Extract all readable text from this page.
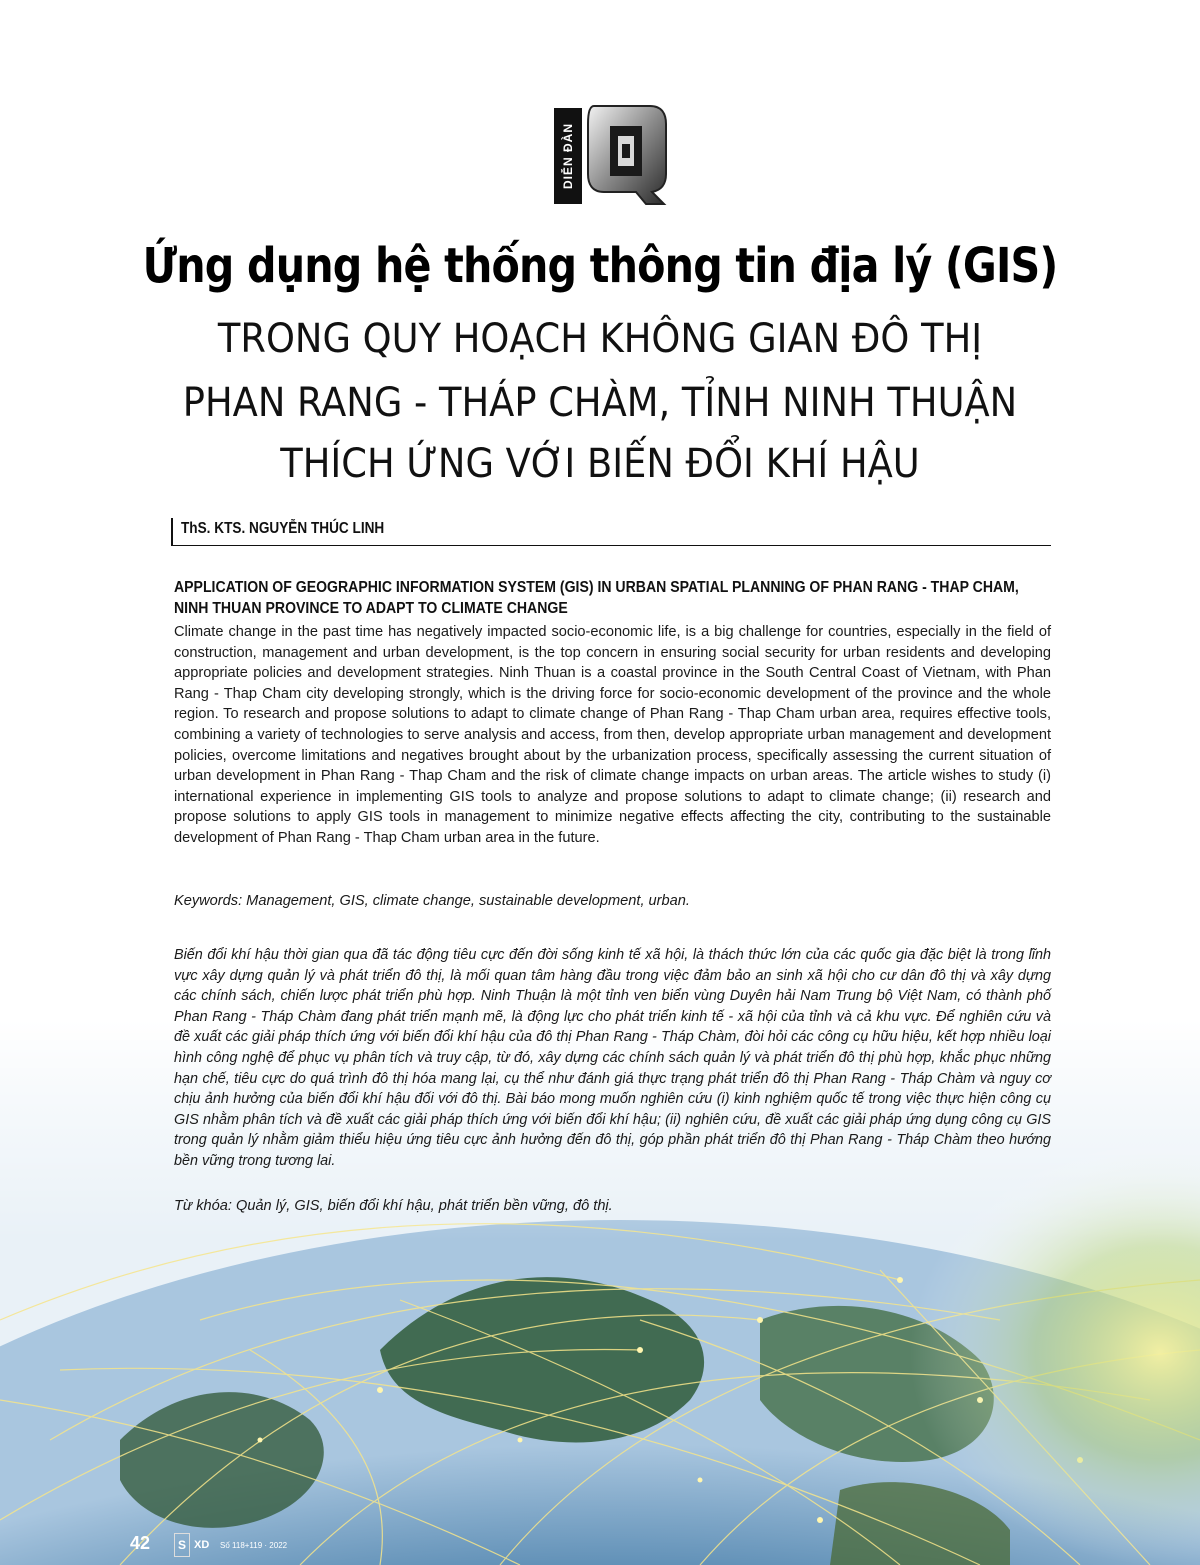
DIỄN ĐÀN
Ứng dụng hệ thống thông tin địa lý (GIS)
TRONG QUY HOẠCH KHÔNG GIAN ĐÔ THỊ
PHAN RANG - THÁP CHÀM, TỈNH NINH THUẬN
THÍCH ỨNG VỚI BIẾN ĐỔI KHÍ HẬU
ThS. KTS. NGUYỄN THÚC LINH
APPLICATION OF GEOGRAPHIC INFORMATION SYSTEM (GIS) IN URBAN SPATIAL PLANNING OF PHAN RANG - THAP CHAM,
NINH THUAN PROVINCE TO ADAPT TO CLIMATE CHANGE
Climate change in the past time has negatively impacted socio-economic life, is a big challenge for countries, especially in the field of construction, management and urban development, is the top concern in ensuring social security for urban residents and developing appropriate policies and development strategies. Ninh Thuan is a coastal province in the South Central Coast of Vietnam, with Phan Rang - Thap Cham city developing strongly, which is the driving force for socio-economic development of the province and the whole region. To research and propose solutions to adapt to climate change of Phan Rang - Thap Cham urban area, requires effective tools, combining a variety of technologies to serve analysis and access, from then, develop appropriate urban management and development policies, overcome limitations and negatives brought about by the urbanization process, specifically assessing the current situation of urban development in Phan Rang - Thap Cham and the risk of climate change impacts on urban areas. The article wishes to study (i) international experience in implementing GIS tools to analyze and propose solutions to adapt to climate change; (ii) research and propose solutions to apply GIS tools in management to minimize negative effects affecting the city, contributing to the sustainable development of Phan Rang - Thap Cham urban area in the future.
Keywords: Management, GIS, climate change, sustainable development, urban.
Biến đổi khí hậu thời gian qua đã tác động tiêu cực đến đời sống kinh tế xã hội, là thách thức lớn của các quốc gia đặc biệt là trong lĩnh vực xây dựng quản lý và phát triển đô thị, là mối quan tâm hàng đầu trong việc đảm bảo an sinh xã hội cho cư dân đô thị và xây dựng các chính sách, chiến lược phát triển phù hợp. Ninh Thuận là một tỉnh ven biển vùng Duyên hải Nam Trung bộ Việt Nam, có thành phố Phan Rang - Tháp Chàm đang phát triển mạnh mẽ, là động lực cho phát triển kinh tế - xã hội của tỉnh và cả khu vực. Để nghiên cứu và đề xuất các giải pháp thích ứng với biến đổi khí hậu của đô thị Phan Rang - Tháp Chàm, đòi hỏi các công cụ hữu hiệu, kết hợp nhiều loại hình công nghệ để phục vụ phân tích và truy cập, từ đó, xây dựng các chính sách quản lý và phát triển đô thị phù hợp, khắc phục những hạn chế, tiêu cực do quá trình đô thị hóa mang lại, cụ thể như đánh giá thực trạng phát triển đô thị Phan Rang - Tháp Chàm và nguy cơ chịu ảnh hưởng của biến đổi khí hậu đối với đô thị. Bài báo mong muốn nghiên cứu (i) kinh nghiệm quốc tế trong việc thực hiện công cụ GIS nhằm phân tích và đề xuất các giải pháp thích ứng với biến đổi khí hậu; (ii) nghiên cứu, đề xuất các giải pháp ứng dụng công cụ GIS trong quản lý nhằm giảm thiểu hiệu ứng tiêu cực ảnh hưởng đến đô thị, góp phần phát triển đô thị Phan Rang - Tháp Chàm theo hướng bền vững trong tương lai.
Từ khóa: Quản lý, GIS, biến đổi khí hậu, phát triển bền vững, đô thị.
42	S XD Số 118+119 · 2022
